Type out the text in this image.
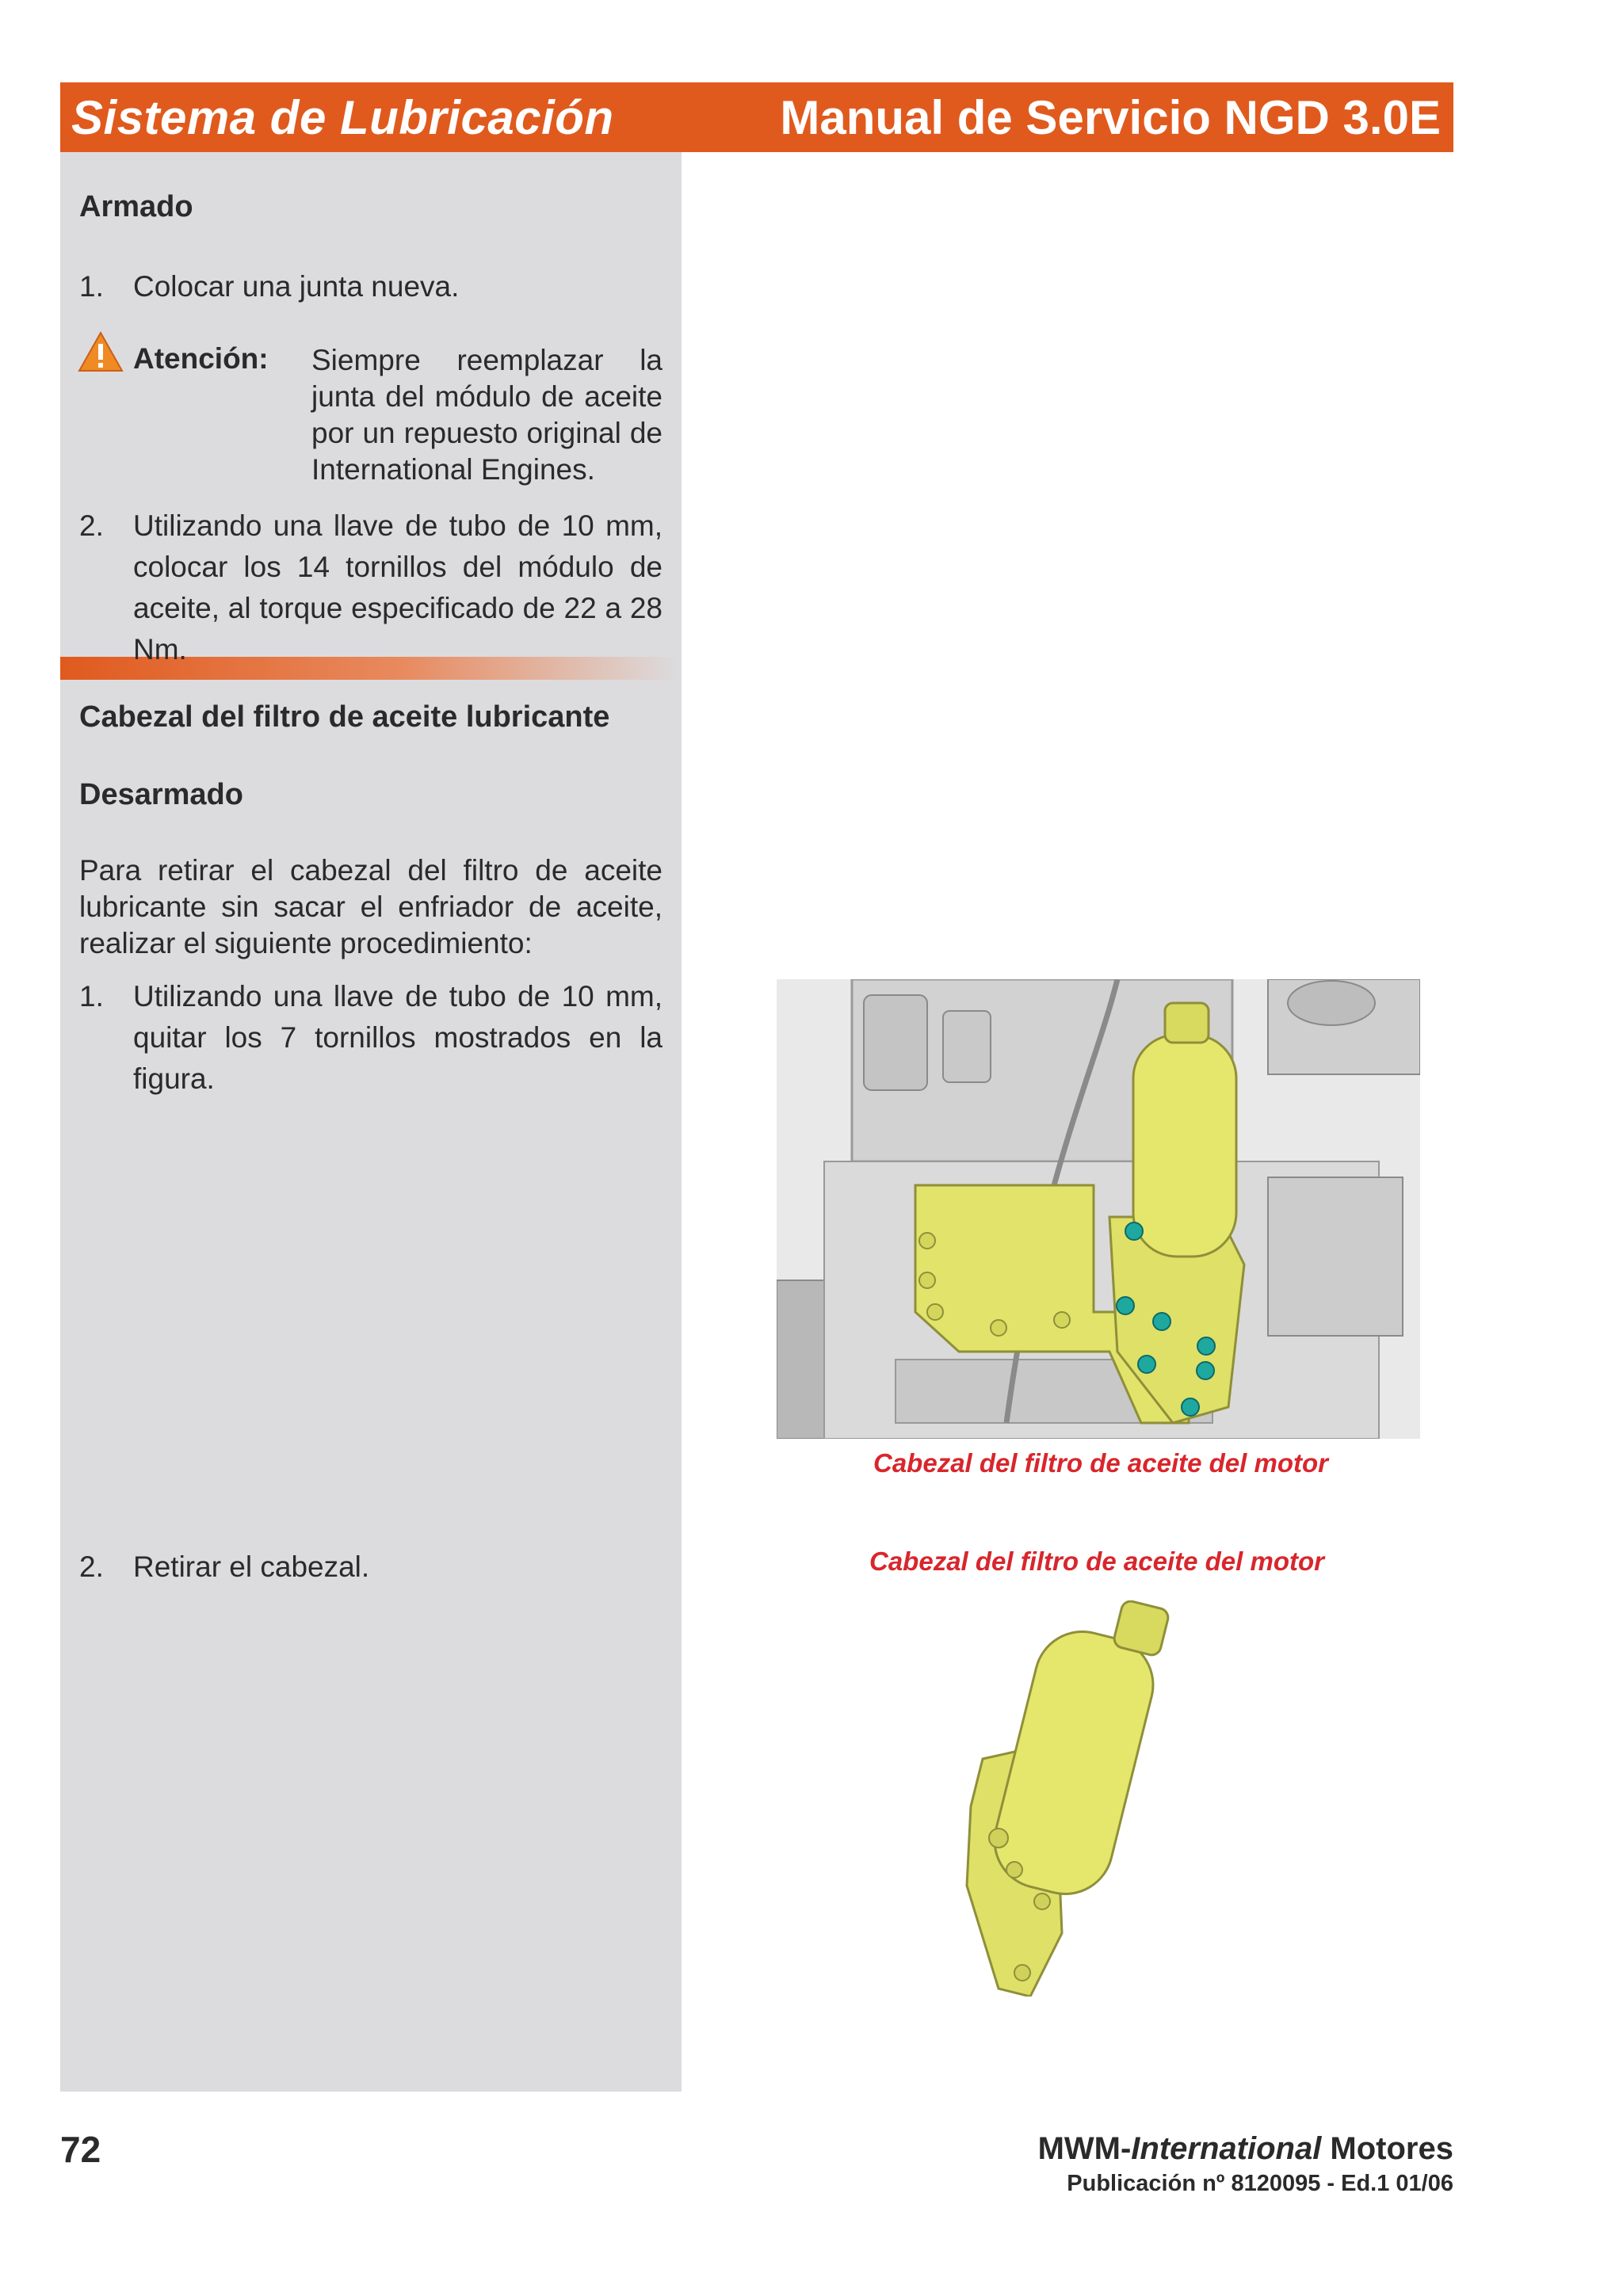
Sistema de Lubricación	Manual de Servicio NGD 3.0E
Armado
1. Colocar una junta nueva.
Atención: Siempre reemplazar la junta del módulo de aceite por un repuesto original de International Engines.
2. Utilizando una llave de tubo de 10 mm, colocar los 14 tornillos del módulo de aceite, al torque especificado de 22 a 28 Nm.
Cabezal del filtro de aceite lubricante
Desarmado
Para retirar el cabezal del filtro de aceite lubricante sin sacar el enfriador de aceite, realizar el siguiente procedimiento:
1. Utilizando una llave de tubo de 10 mm, quitar los 7 tornillos mostrados en la figura.
2. Retirar el cabezal.
Cabezal del filtro de aceite del motor
Cabezal del filtro de aceite del motor
72	MWM-International Motores
Publicación nº 8120095 - Ed.1 01/06
